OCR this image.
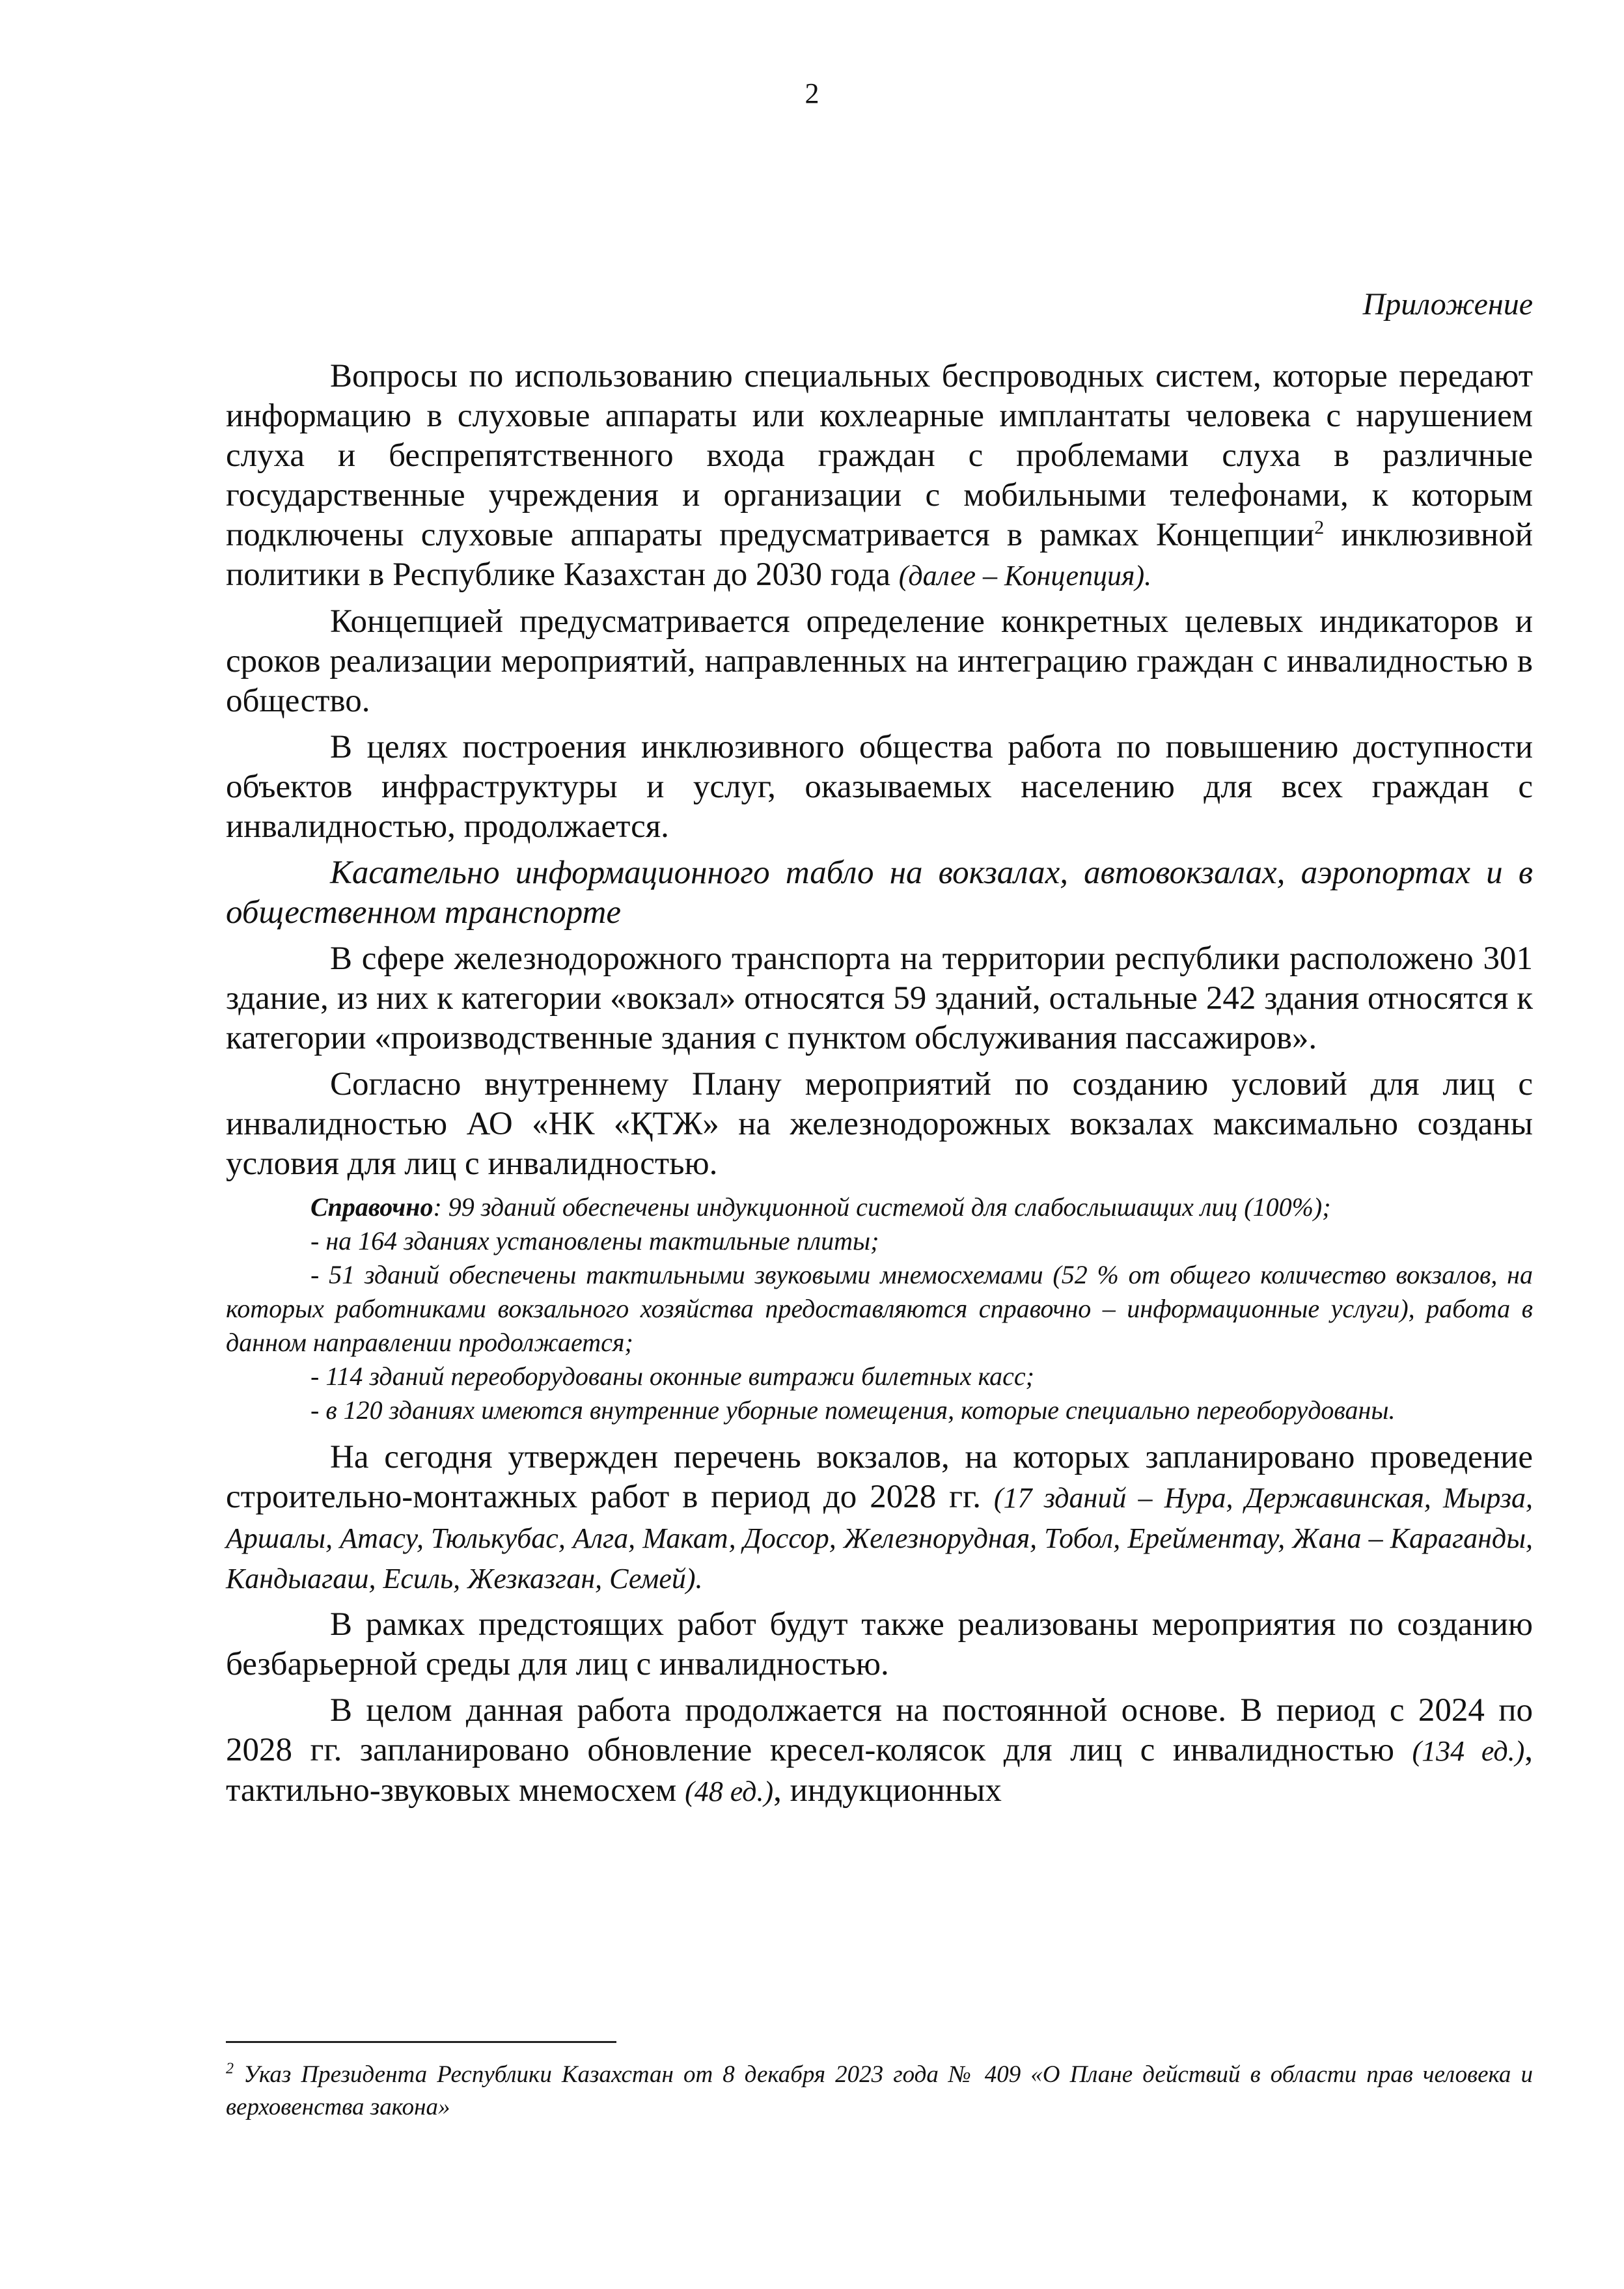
2
Приложение

Вопросы по использованию специальных беспроводных систем, которые передают информацию в слуховые аппараты или кохлеарные имплантаты человека с нарушением слуха и беспрепятственного входа граждан с проблемами слуха в различные государственные учреждения и организации с мобильными телефонами, к которым подключены слуховые аппараты предусматривается в рамках Концепции$^2$ инклюзивной политики в Республике Казахстан до 2030 года (далее – Концепция).

Концепцией предусматривается определение конкретных целевых индикаторов и сроков реализации мероприятий, направленных на интеграцию граждан с инвалидностью в общество.

В целях построения инклюзивного общества работа по повышению доступности объектов инфраструктуры и услуг, оказываемых населению для всех граждан с инвалидностью, продолжается.

Касательно информационного табло на вокзалах, автовокзалах, аэропортах и в общественном транспорте

В сфере железнодорожного транспорта на территории республики расположено 301 здание, из них к категории «вокзал» относятся 59 зданий, остальные 242 здания относятся к категории «производственные здания с пунктом обслуживания пассажиров».

Согласно внутреннему Плану мероприятий по созданию условий для лиц с инвалидностью АО «НК «ҚТЖ» на железнодорожных вокзалах максимально созданы условия для лиц с инвалидностью.

Справочно: 99 зданий обеспечены индукционной системой для слабослышащих лиц (100%);

- на 164 зданиях установлены тактильные плиты;

- 51 зданий обеспечены тактильными звуковыми мнемосхемами (52 % от общего количество вокзалов, на которых работниками вокзального хозяйства предоставляются справочно – информационные услуги), работа в данном направлении продолжается;

- 114 зданий переоборудованы оконные витражи билетных касс;

- в 120 зданиях имеются внутренние уборные помещения, которые специально переоборудованы.

На сегодня утвержден перечень вокзалов, на которых запланировано проведение строительно-монтажных работ в период до 2028 гг. (17 зданий – Нура, Державинская, Мырза, Аршалы, Атасу, Тюлькубас, Алга, Макат, Доссор, Железнорудная, Тобол, Ерейментау, Жана – Караганды, Кандыагаш, Есиль, Жезказган, Семей).

В рамках предстоящих работ будут также реализованы мероприятия по созданию безбарьерной среды для лиц с инвалидностью.

В целом данная работа продолжается на постоянной основе. В период с 2024 по 2028 гг. запланировано обновление кресел-колясок для лиц с инвалидностью (134 ед.), тактильно-звуковых мнемосхем (48 ед.), индукционных

$^2$ Указ Президента Республики Казахстан от 8 декабря 2023 года № 409 «О Плане действий в области прав человека и верховенства закона»
